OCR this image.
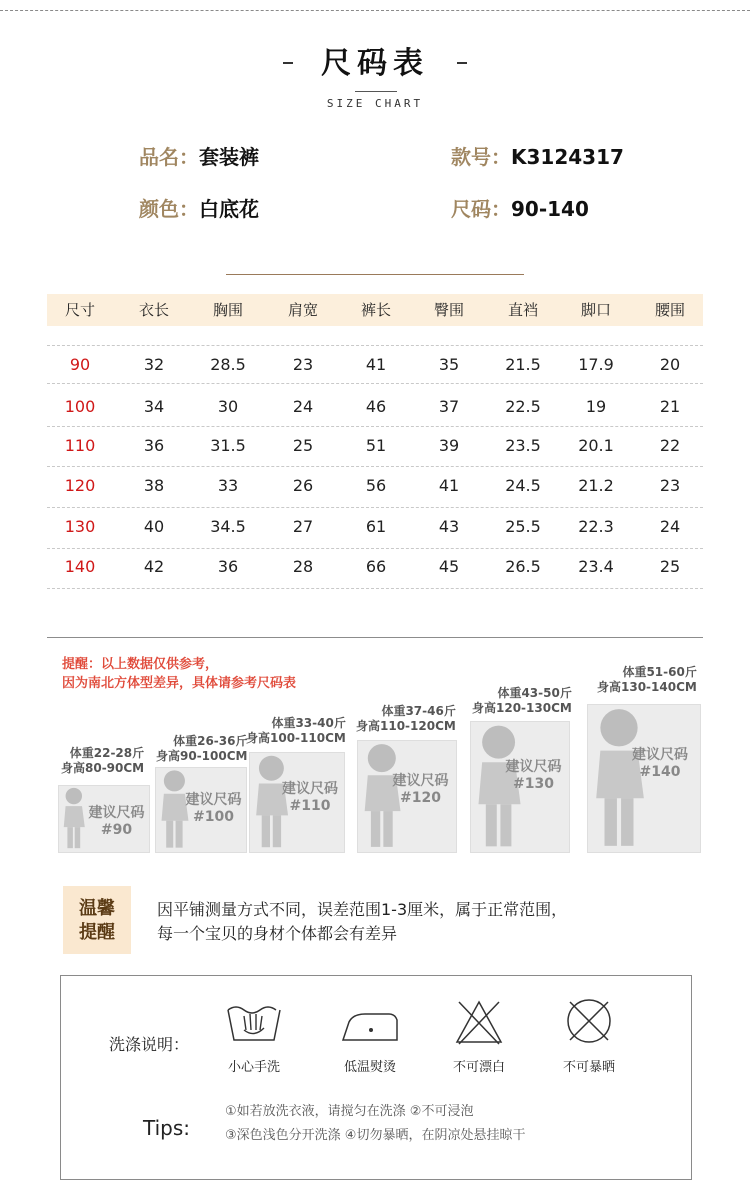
尺码表
SIZE CHART
品名：套装裤	款号：K3124317
颜色：白底花	尺码：90-140
尺寸	衣长	胸围	肩宽	裤长	臀围	直裆	脚口	腰围
90	32	28.5	23	41	35	21.5	17.9	20
100	34	30	24	46	37	22.5	19	21
110	36	31.5	25	51	39	23.5	20.1	22
120	38	33	26	56	41	24.5	21.2	23
130	40	34.5	27	61	43	25.5	22.3	24
140	42	36	28	66	45	26.5	23.4	25
提醒：以上数据仅供参考，
因为南北方体型差异，具体请参考尺码表
建议尺码
#90
体重22-28斤
身高80-90CM
建议尺码
#100
体重26-36斤
身高90-100CM
建议尺码
#110
体重33-40斤
身高100-110CM
建议尺码
#120
体重37-46斤
身高110-120CM
建议尺码
#130
体重43-50斤
身高120-130CM
建议尺码
#140
体重51-60斤
身高130-140CM
温馨
提醒
因平铺测量方式不同，误差范围1-3厘米，属于正常范围，
每一个宝贝的身材个体都会有差异
洗涤说明：
小心手洗	低温熨烫	不可漂白	不可暴晒
Tips:
①如若放洗衣液，请搅匀在洗涤 ②不可浸泡
③深色浅色分开洗涤 ④切勿暴晒，在阴凉处悬挂晾干
